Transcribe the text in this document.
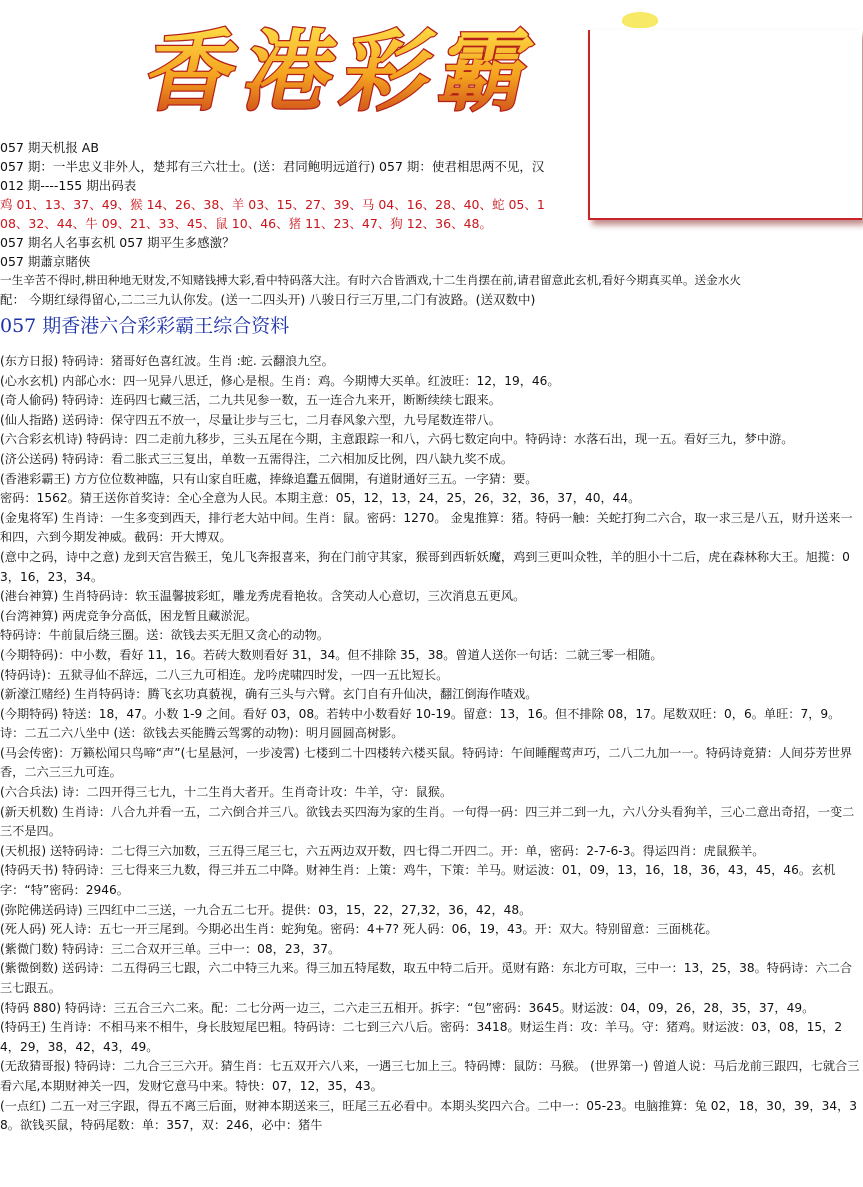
香港彩霸
057 期天机报 AB
057 期：一半忠义非外人，楚邦有三六壮士。(送：君同鲍明远道行) 057 期：使君相思两不见，汉
012 期----155 期出码表
鸡 01、13、37、49、猴 14、26、38、羊 03、15、27、39、马 04、16、28、40、蛇 05、1
08、32、44、牛 09、21、33、45、鼠 10、46、猪 11、23、47、狗 12、36、48。
057 期名人名事玄机 057 期平生多感激？
057 期蕭京賭俠
一生辛苦不得时,耕田种地无财发,不知赌钱搏大彩,看中特码落大注。有时六合皆酒戏,十二生肖摆在前,请君留意此玄机,看好今期真买单。送金水火
配： 今期红绿得留心,二二三九认你发。(送一二四头开) 八骏日行三万里,二门有波路。(送双数中)
057 期香港六合彩彩霸王综合资料

(东方日报) 特码诗：猪哥好色喜红波。生肖 :蛇. 云翻浪九空。

(心水玄机) 内部心水：四一见异八思迁，修心是根。生肖：鸡。今期博大买单。红波旺：12，19，46。

(奇人偷码) 特码诗：连码四七藏三活，二九共见参一数，五一连合九来开，断断续续七跟来。

(仙人指路) 送码诗：保守四五不放一，尽量让步与三七，二月春风象六型，九号尾数连带八。

(六合彩玄机诗) 特码诗：四二走前九移步，三头五尾在今期，主意跟踪一和八，六码七数定向中。特码诗：水落石出，现一五。看好三九，梦中游。

(济公送码) 特码诗：看二胀式三三复出，单数一五需得注，二六相加反比例，四八缺九奖不成。

(香港彩霸王) 方方位位数神臨，只有山家自旺處，捧綠追蠢五個開，有道財通好三五。一字猜：要。

密码：1562。猜王送你首奖诗：全心全意为人民。本期主意：05，12，13，24，25，26，32，36，37，40，44。

(金鬼将军) 生肖诗：一生多变到西天，排行老大站中间。生肖：鼠。密码：1270。 金鬼推算：猪。特码一触：关蛇打狗二六合，取一求三是八五，财升送来一和四，六到今期发神威。截码：开大博双。

(意中之码，诗中之意) 龙到天宫告猴王，兔儿飞奔报喜来，狗在门前守其家，猴哥到西斩妖魔，鸡到三更叫众牲，羊的胆小十二后，虎在森林称大王。旭揽：03，16，23，34。

(港台神算) 生肖特码诗：软玉温馨披彩虹，雕龙秀虎看艳妆。含笑动人心意切，三次消息五更风。

(台湾神算) 两虎竞争分高低，困龙暂且藏淤泥。

特码诗：牛前鼠后绕三圈。送：欲钱去买无胆又贪心的动物。

(今期特码)：中小数，看好 11，16。若砖大数则看好 31，34。但不排除 35，38。曾道人送你一句话：二就三零一相随。

(特码诗)：五狱寻仙不辞远，二八三九可相连。龙吟虎啸四时发，一四一五比短长。

(新濠江赌经) 生肖特码诗：腾飞玄功真藐视，确有三头与六臂。玄门自有升仙决，翻江倒海作喳戏。

(今期特码) 特送：18，47。小数 1-9 之间。看好 03，08。若转中小数看好 10-19。留意：13，16。但不排除 08，17。尾数双旺：0，6。单旺：7，9。诗：二五二六八坐中 (送：欲钱去买能腾云驾雾的动物)：明月圆圆高树影。

(马会传密)：万籁松闻只鸟啼“声”(七星悬河，一步凌霄) 七楼到二十四楼转六楼买鼠。特码诗：午间睡醒莺声巧，二八二九加一一。特码诗竟猜：人间芬芳世界香，二六三三九可连。

(六合兵法) 诗：二四开得三七九，十二生肖大者开。生肖奇计攻：牛羊，守：鼠猴。

(新天机数) 生肖诗：八合九并看一五，二六倒合并三八。欲钱去买四海为家的生肖。一句得一码：四三并二到一九，六八分头看狗羊，三心二意出奇招，一变二三不是四。

(天机报) 送特码诗：二七得三六加数，三五得三尾三七，六五两边双开数，四七得二开四二。开：单，密码：2-7-6-3。得运四肖：虎鼠猴羊。

(特码天书) 特码诗：三七得来三九数，得三并五二中降。财神生肖：上策：鸡牛，下策：羊马。财运波：01，09，13，16，18，36，43，45，46。玄机字：“特”密码：2946。

(弥陀佛送码诗) 三四红中二三送，一九合五二七开。提供：03，15，22，27,32，36，42，48。

(死人码) 死人诗：五七一开三尾到。今期必出生肖：蛇狗兔。密码：4+7? 死人码：06，19，43。开：双大。特别留意：三面桃花。

(紫微门数) 特码诗：三二合双开三单。三中一：08，23，37。

(紫微倒数) 送码诗：二五得码三七跟，六二中特三九来。得三加五特尾数，取五中特二后开。觅财有路：东北方可取，三中一：13，25，38。特码诗：六二合三七跟五。

(特码 880) 特码诗：三五合三六二来。配：二七分两一边三，二六走三五相开。拆字：“包”密码：3645。财运波：04，09，26，28，35，37，49。

(特码王) 生肖诗：不相马来不相牛，身长肢短尾巴粗。特码诗：二七到三六八后。密码：3418。财运生肖：攻：羊马。守：猪鸡。财运波：03，08，15，24，29，38，42，43，49。

(无敌猜哥报) 特码诗：二九合三三六开。猜生肖：七五双开六八来，一遇三七加上三。特码博：鼠防：马猴。 (世界第一) 曾道人说：马后龙前三跟四，七就合三看六尾,本期财神关一四，发财它意马中来。特快：07，12，35，43。

(一点红) 二五一对三字跟，得五不离三后面，财神本期送来三，旺尾三五必看中。本期头奖四六合。二中一：05-23。电脑推算：兔 02，18，30，39，34，38。欲钱买鼠，特码尾数：单：357，双：246，必中：猪牛
